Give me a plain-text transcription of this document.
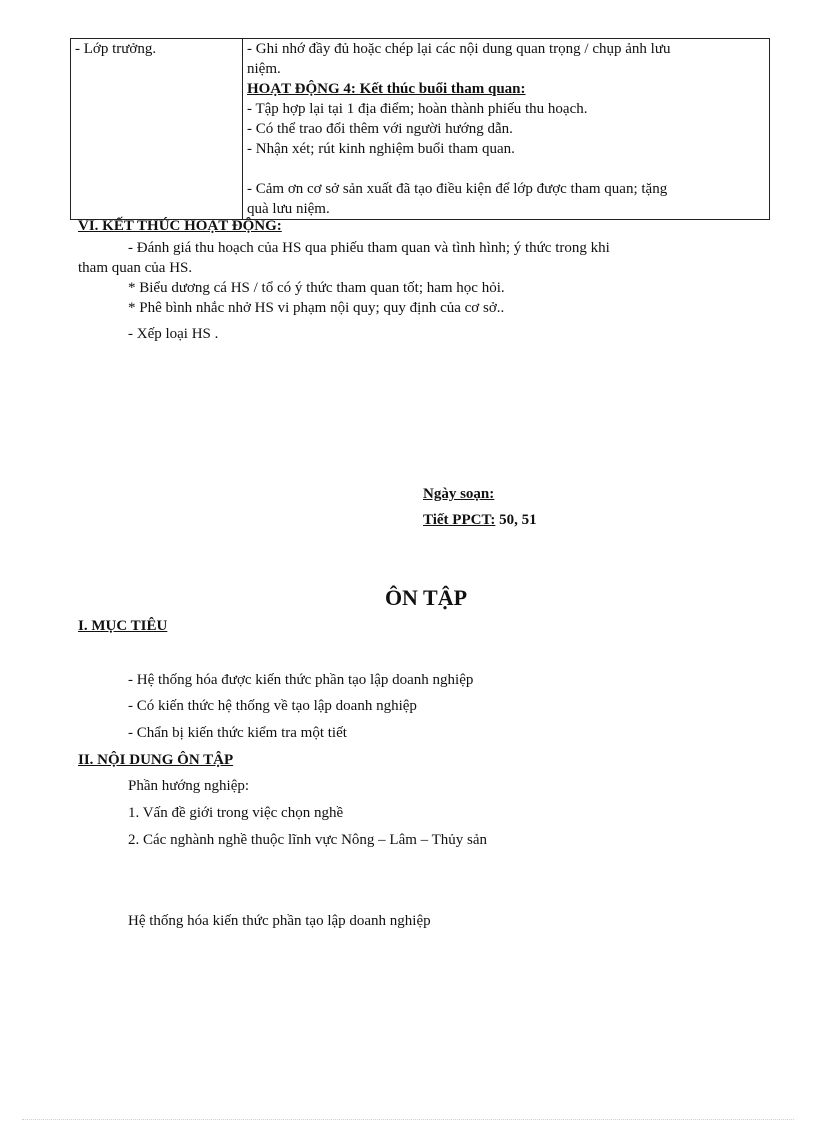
- Lớp trưởng.	- Ghi nhớ đầy đủ hoặc chép lại các nội dung quan trọng / chụp ảnh lưu
niệm.
HOẠT ĐỘNG 4: Kết thúc buổi tham quan:
- Tập hợp lại tại 1 địa điểm; hoàn thành phiếu thu hoạch.
- Có thể trao đổi thêm với người hướng dẫn.
- Nhận xét; rút kinh nghiệm buổi tham quan.
- Cảm ơn cơ sở sản xuất đã tạo điều kiện để lớp được tham quan; tặng
quà lưu niệm.
VI. KẾT THÚC HOẠT ĐỘNG:
- Đánh giá thu hoạch của HS qua phiếu tham quan và tình hình; ý thức trong khi
tham quan của HS.
* Biểu dương cá HS / tổ có ý thức tham quan tốt; ham học hỏi.
* Phê bình nhắc nhở HS vi phạm nội quy; quy định của cơ sở..
- Xếp loại HS .
Ngày soạn:
Tiết PPCT: 50, 51
ÔN TẬP
I. MỤC TIÊU
- Hệ thống hóa được kiến thức phần tạo lập doanh nghiệp
- Có kiến thức hệ thống về tạo lập doanh nghiệp
- Chẩn bị kiến thức kiểm tra một tiết
II. NỘI DUNG ÔN TẬP
Phần hướng nghiệp:
1. Vấn đề giới trong việc chọn nghề
2. Các nghành nghề thuộc lĩnh vực Nông – Lâm – Thủy sản
Hệ thống hóa kiến thức phần tạo lập doanh nghiệp
